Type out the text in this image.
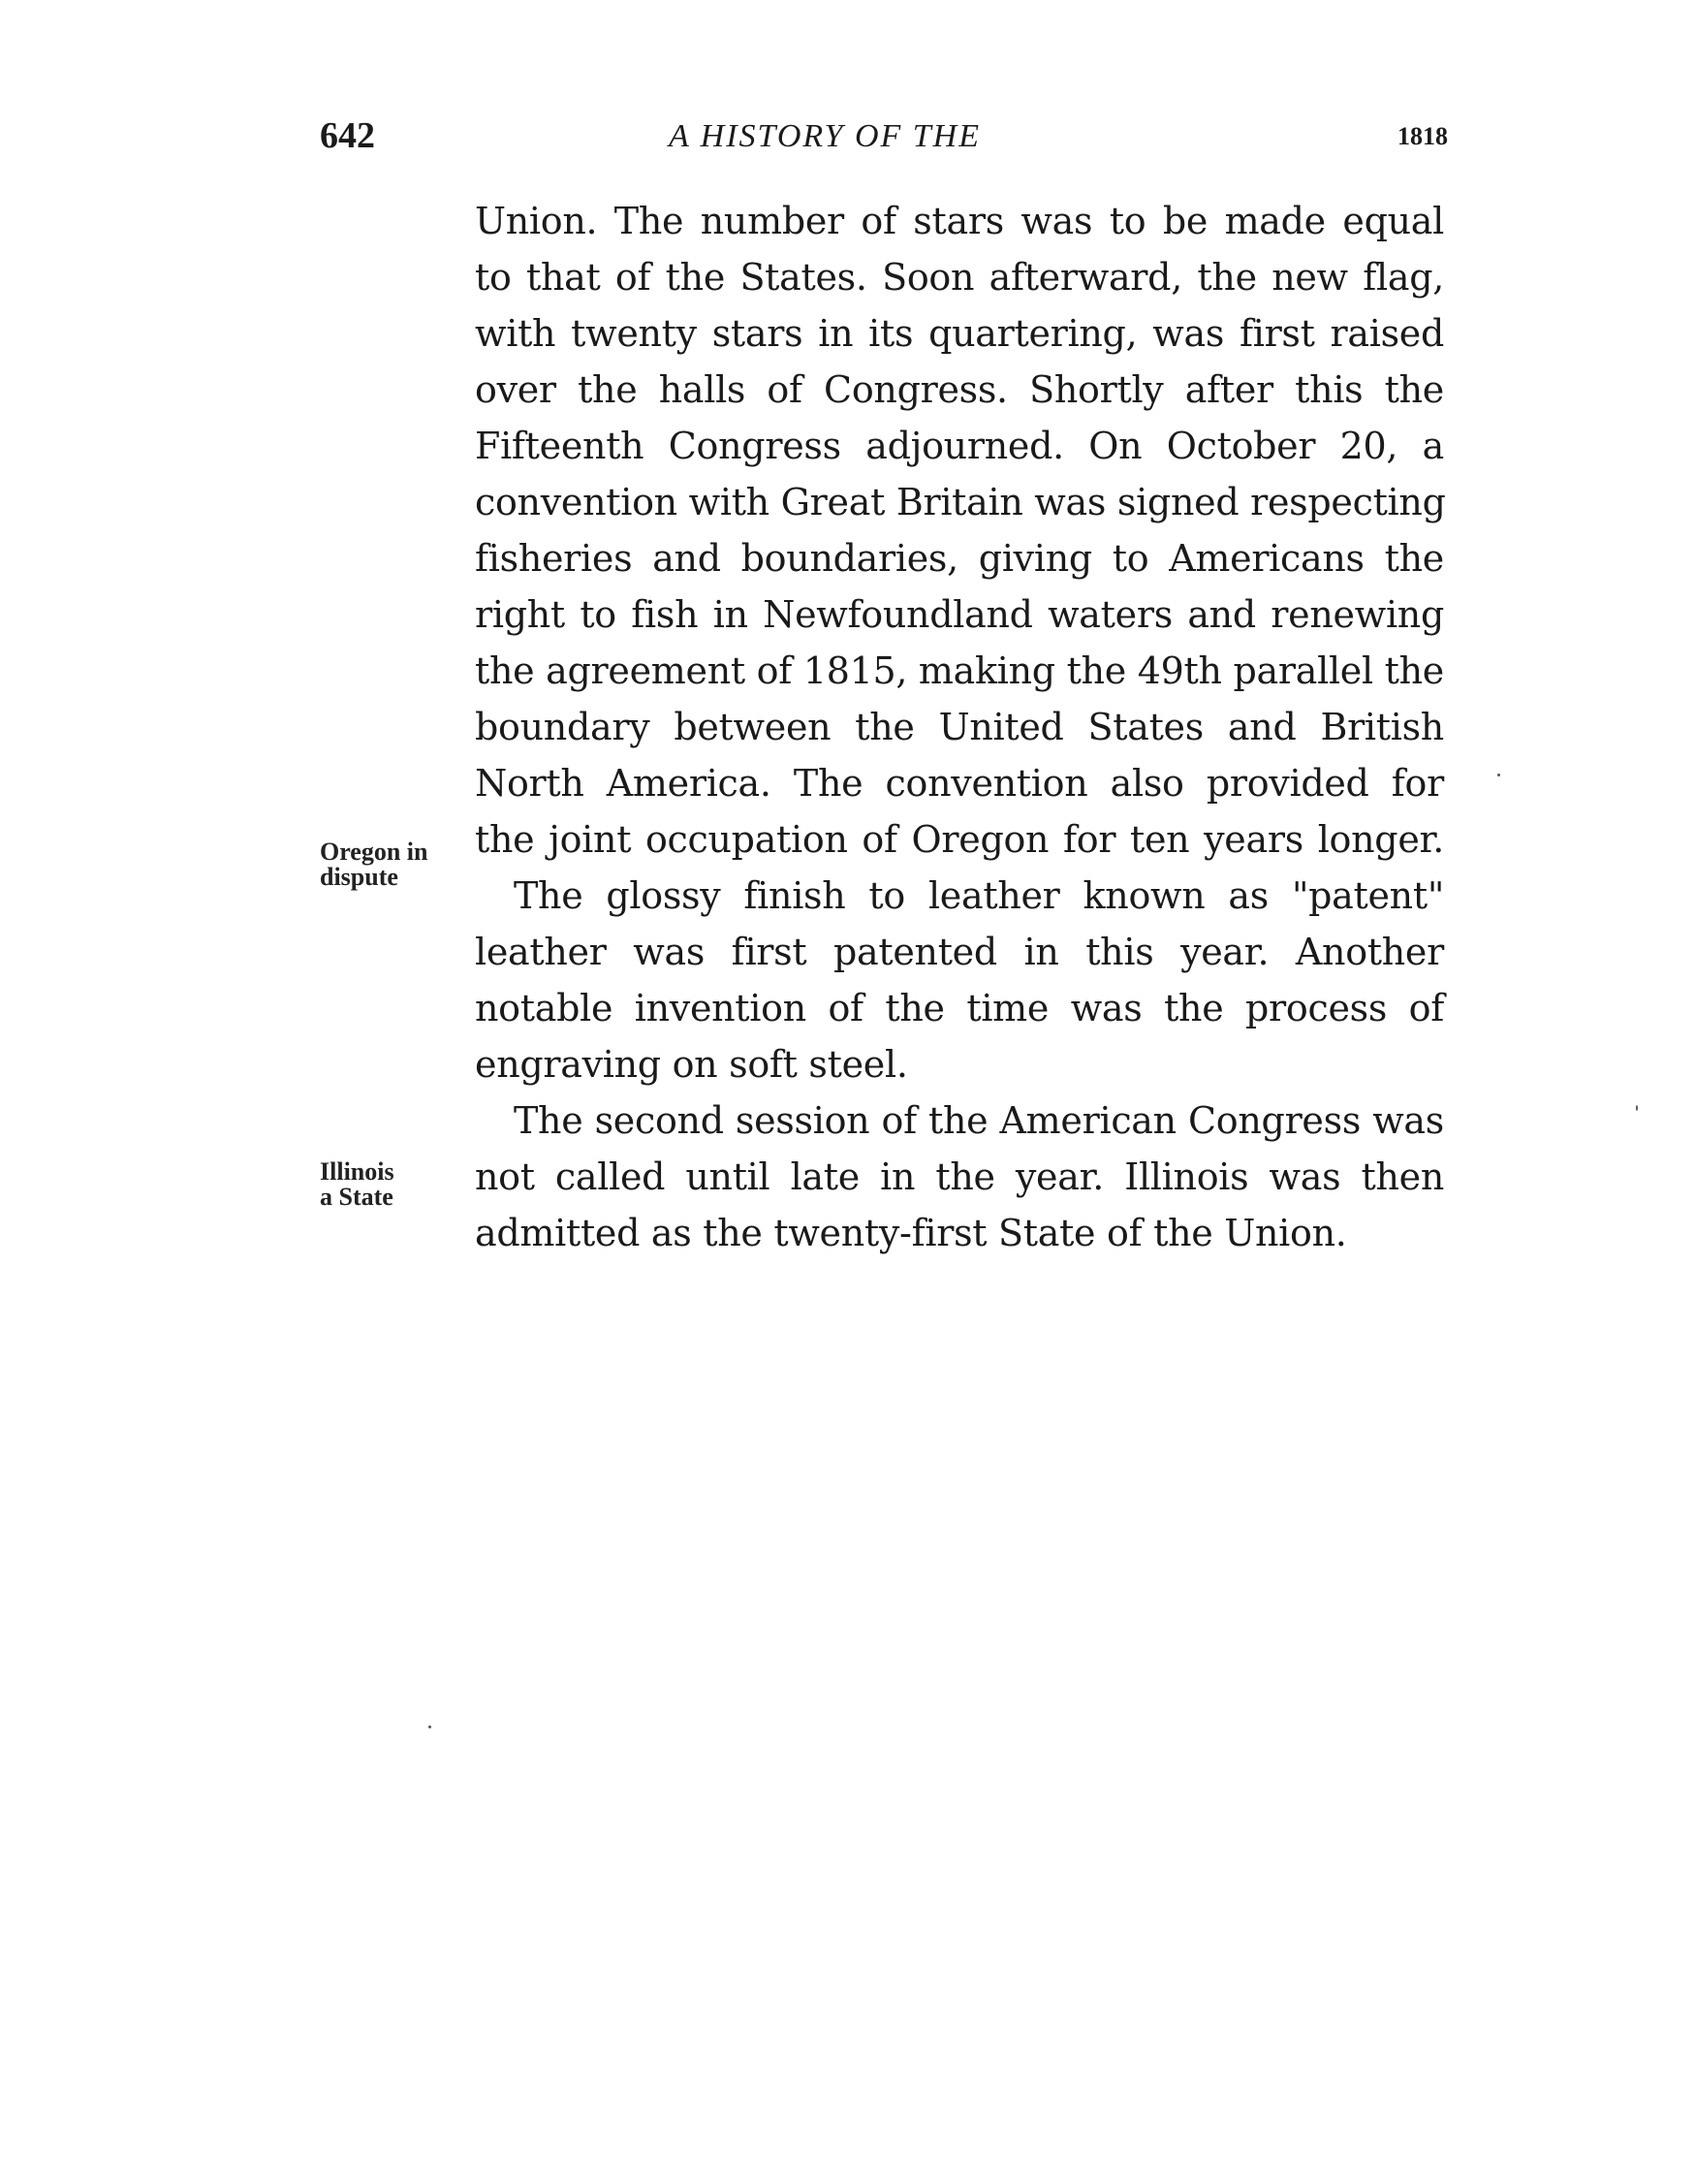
642	A HISTORY OF THE	1818
Union. The number of stars was to be made equal
to that of the States. Soon afterward, the new flag,
with twenty stars in its quartering, was first raised
over the halls of Congress. Shortly after this the
Fifteenth Congress adjourned. On October 20, a
convention with Great Britain was signed respecting
fisheries and boundaries, giving to Americans the
right to fish in Newfoundland waters and renewing
the agreement of 1815, making the 49th parallel the
boundary between the United States and British
North America. The convention also provided for
the joint occupation of Oregon for ten years longer.
The glossy finish to leather known as "patent"
leather was first patented in this year. Another
notable invention of the time was the process of
engraving on soft steel.
The second session of the American Congress was
not called until late in the year. Illinois was then
admitted as the twenty-first State of the Union.
Oregon in
dispute
Illinois
a State
